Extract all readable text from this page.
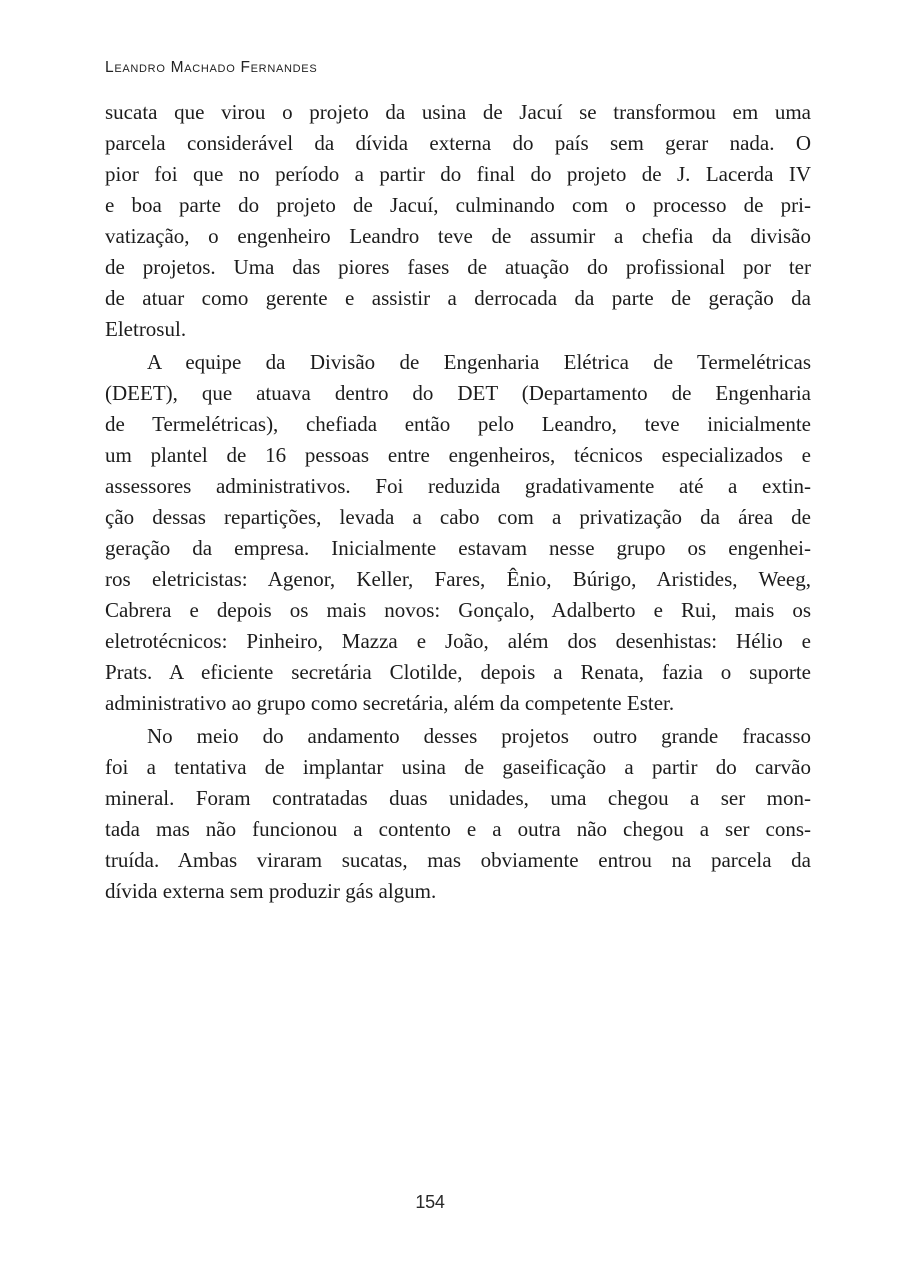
Leandro Machado Fernandes
sucata que virou o projeto da usina de Jacuí se transformou em uma
parcela considerável da dívida externa do país sem gerar nada. O
pior foi que no período a partir do final do projeto de J. Lacerda IV
e boa parte do projeto de Jacuí, culminando com o processo de pri-
vatização, o engenheiro Leandro teve de assumir a chefia da divisão
de projetos. Uma das piores fases de atuação do profissional por ter
de atuar como gerente e assistir a derrocada da parte de geração da
Eletrosul.
A equipe da Divisão de Engenharia Elétrica de Termelétricas
(DEET), que atuava dentro do DET (Departamento de Engenharia
de Termelétricas), chefiada então pelo Leandro, teve inicialmente
um plantel de 16 pessoas entre engenheiros, técnicos especializados e
assessores administrativos. Foi reduzida gradativamente até a extin-
ção dessas repartições, levada a cabo com a privatização da área de
geração da empresa. Inicialmente estavam nesse grupo os engenhei-
ros eletricistas: Agenor, Keller, Fares, Ênio, Búrigo, Aristides, Weeg,
Cabrera e depois os mais novos: Gonçalo, Adalberto e Rui, mais os
eletrotécnicos: Pinheiro, Mazza e João, além dos desenhistas: Hélio e
Prats. A eficiente secretária Clotilde, depois a Renata, fazia o suporte
administrativo ao grupo como secretária, além da competente Ester.
No meio do andamento desses projetos outro grande fracasso
foi a tentativa de implantar usina de gaseificação a partir do carvão
mineral. Foram contratadas duas unidades, uma chegou a ser mon-
tada mas não funcionou a contento e a outra não chegou a ser cons-
truída. Ambas viraram sucatas, mas obviamente entrou na parcela da
dívida externa sem produzir gás algum.
154
